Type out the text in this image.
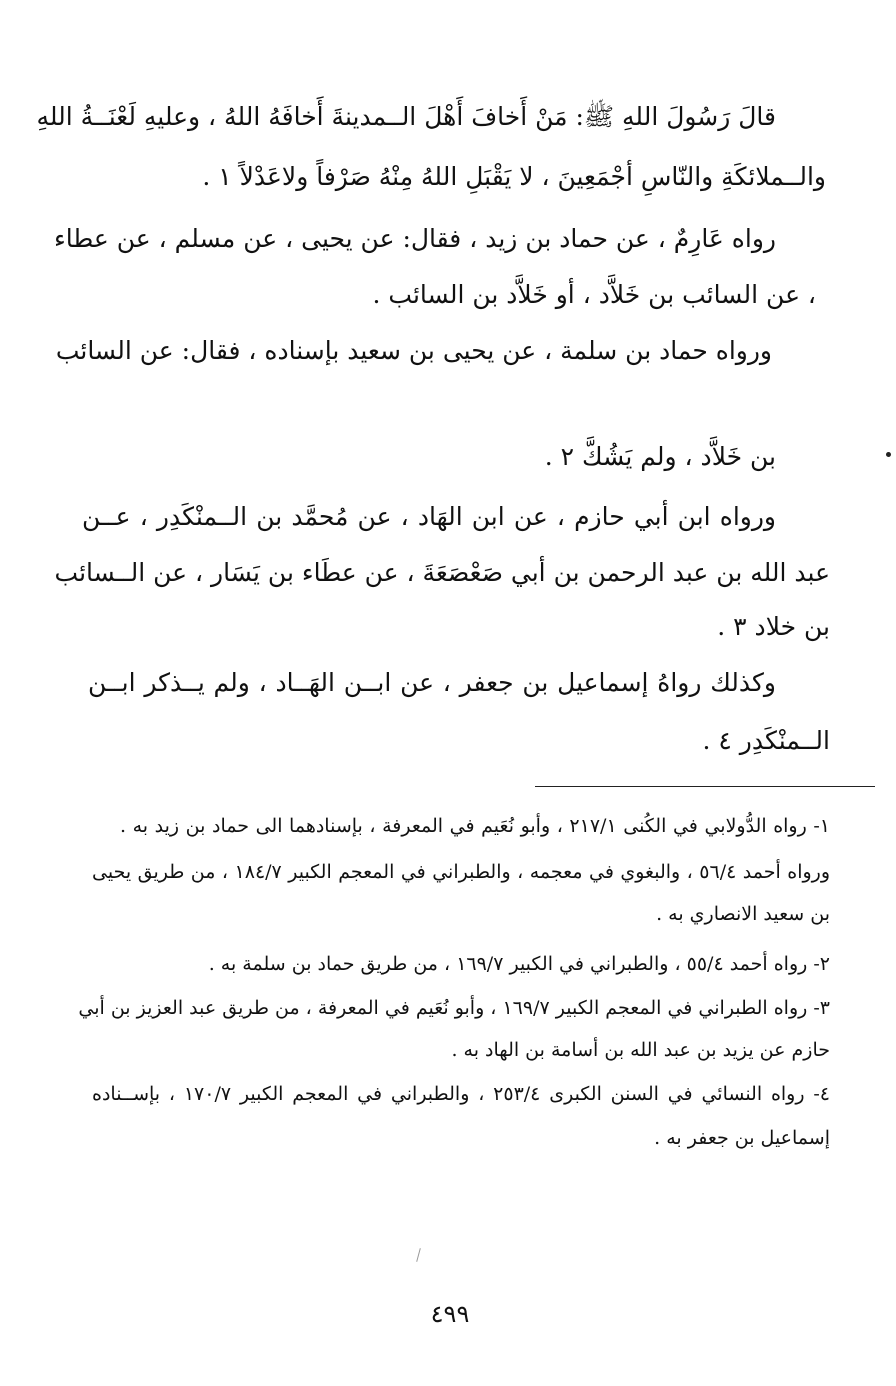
قالَ رَسُولَ اللهِ ﷺ: مَنْ أَخافَ أَهْلَ الــمدينةَ أَخافَهُ اللهُ ، وعليهِ لَعْنَــةُ اللهِ
والــملائكَةِ والنّاسِ أجْمَعِينَ ، لا يَقْبَلِ اللهُ مِنْهُ صَرْفاً ولاعَدْلاً ١ .
رواه عَارِمٌ ، عن حماد بن زيد ، فقال: عن يحيى ، عن مسلم ، عن عطاء
، عن السائب بن خَلاَّد ، أو خَلاَّد بن السائب .
ورواه حماد بن سلمة ، عن يحيى بن سعيد بإسناده ، فقال: عن السائب
بن خَلاَّد ، ولم يَشُكَّ ٢ .
ورواه ابن أبي حازم ، عن ابن الهَاد ، عن مُحمَّد بن الــمنْكَدِر ، عــن
عبد الله بن عبد الرحمن بن أبي صَعْصَعَةَ ، عن عطَاء بن يَسَار ، عن الــسائب
بن خلاد ٣ .
وكذلك رواهُ إسماعيل بن جعفر ، عن ابــن الهَــاد ، ولم يــذكر ابــن
الــمنْكَدِر ٤ .
١- رواه الدُّولابي في الكُنى ٢١٧/١ ، وأبو نُعَيم في المعرفة ، بإسنادهما الى حماد بن زيد به .
ورواه أحمد ٥٦/٤ ، والبغوي في معجمه ، والطبراني في المعجم الكبير ١٨٤/٧ ، من طريق يحيى
بن سعيد الانصاري به .
٢- رواه أحمد ٥٥/٤ ، والطبراني في الكبير ١٦٩/٧ ، من طريق حماد بن سلمة به .
٣- رواه الطبراني في المعجم الكبير ١٦٩/٧ ، وأبو نُعَيم في المعرفة ، من طريق عبد العزيز بن أبي
حازم عن يزيد بن عبد الله بن أسامة بن الهاد به .
٤- رواه النسائي في السنن الكبرى ٢٥٣/٤ ، والطبراني في المعجم الكبير ١٧٠/٧ ، بإســناده
إسماعيل بن جعفر به .
٤٩٩
